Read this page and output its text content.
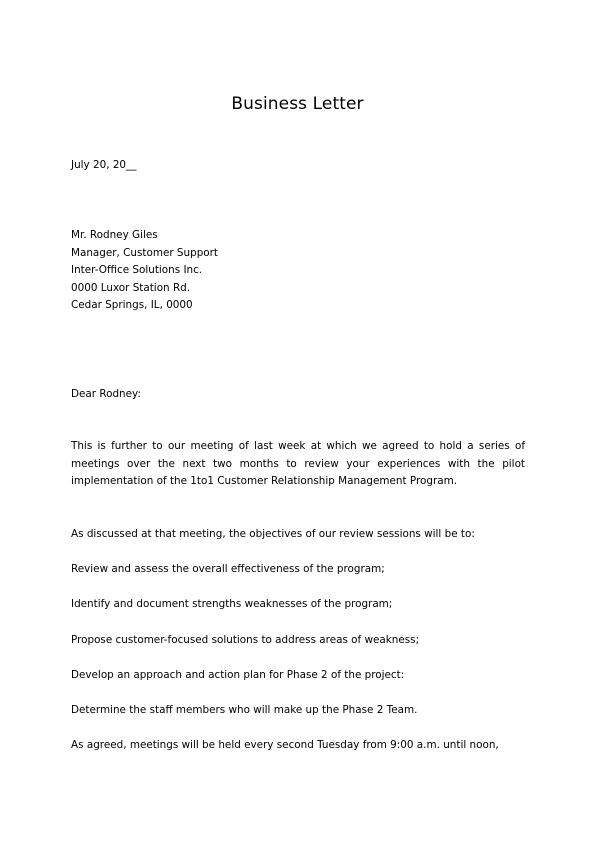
Business Letter
July 20, 20__
Mr. Rodney Giles
Manager, Customer Support
Inter-Office Solutions Inc.
0000 Luxor Station Rd.
Cedar Springs, IL, 0000
Dear Rodney:
This is further to our meeting of last week at which we agreed to hold a series of meetings over the next two months to review your experiences with the pilot implementation of the 1to1 Customer Relationship Management Program.
As discussed at that meeting, the objectives of our review sessions will be to:
Review and assess the overall effectiveness of the program;
Identify and document strengths weaknesses of the program;
Propose customer-focused solutions to address areas of weakness;
Develop an approach and action plan for Phase 2 of the project:
Determine the staff members who will make up the Phase 2 Team.
As agreed, meetings will be held every second Tuesday from 9:00 a.m. until noon,
